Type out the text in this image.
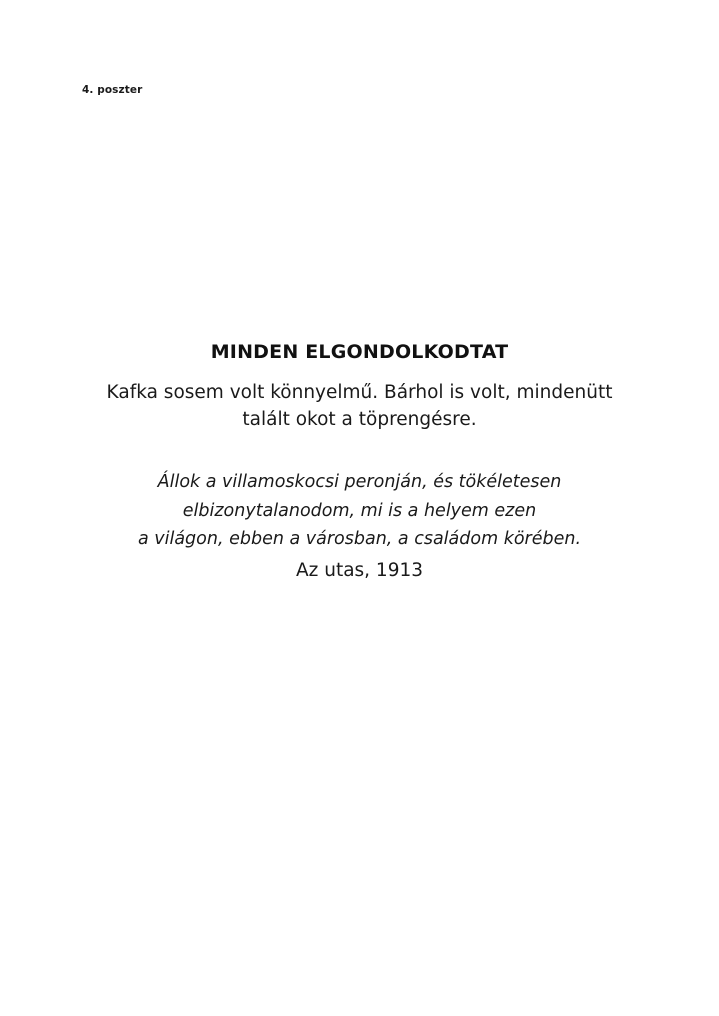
4. poszter
MINDEN ELGONDOLKODTAT
Kafka sosem volt könnyelmű. Bárhol is volt, mindenütt
talált okot a töprengésre.
Állok a villamoskocsi peronján, és tökéletesen
elbizonytalanodom, mi is a helyem ezen
a világon, ebben a városban, a családom körében.
Az utas, 1913
